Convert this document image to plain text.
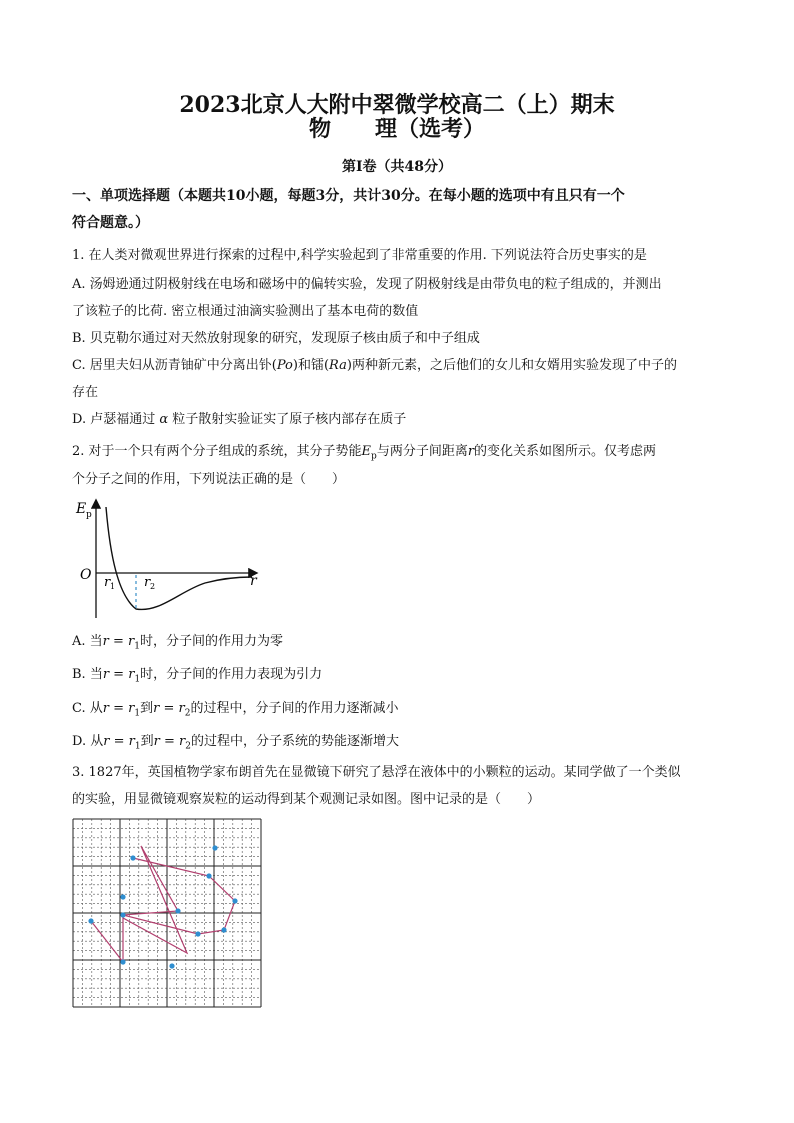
2023北京人大附中翠微学校高二（上）期末
物　　理（选考）
第I卷（共48分）
一、单项选择题（本题共10小题，每题3分，共计30分。在每小题的选项中有且只有一个
符合题意。）
1. 在人类对微观世界进行探索的过程中,科学实验起到了非常重要的作用. 下列说法符合历史事实的是
A. 汤姆逊通过阴极射线在电场和磁场中的偏转实验，发现了阴极射线是由带负电的粒子组成的，并测出
了该粒子的比荷. 密立根通过油滴实验测出了基本电荷的数值
B. 贝克勒尔通过对天然放射现象的研究，发现原子核由质子和中子组成
C. 居里夫妇从沥青铀矿中分离出钋(Po)和镭(Ra)两种新元素，之后他们的女儿和女婿用实验发现了中子的
存在
D. 卢瑟福通过 α 粒子散射实验证实了原子核内部存在质子
2. 对于一个只有两个分子组成的系统，其分子势能$E_p$与两分子间距离r的变化关系如图所示。仅考虑两
个分子之间的作用，下列说法正确的是（　　）
E p
O r 1 r 2	r
A. 当$r = r_1$时，分子间的作用力为零
B. 当$r = r_1$时，分子间的作用力表现为引力
C. 从$r = r_1$到$r = r_2$的过程中，分子间的作用力逐渐减小
D. 从$r = r_1$到$r = r_2$的过程中，分子系统的势能逐渐增大
3. 1827年，英国植物学家布朗首先在显微镜下研究了悬浮在液体中的小颗粒的运动。某同学做了一个类似
的实验，用显微镜观察炭粒的运动得到某个观测记录如图。图中记录的是（　　）
